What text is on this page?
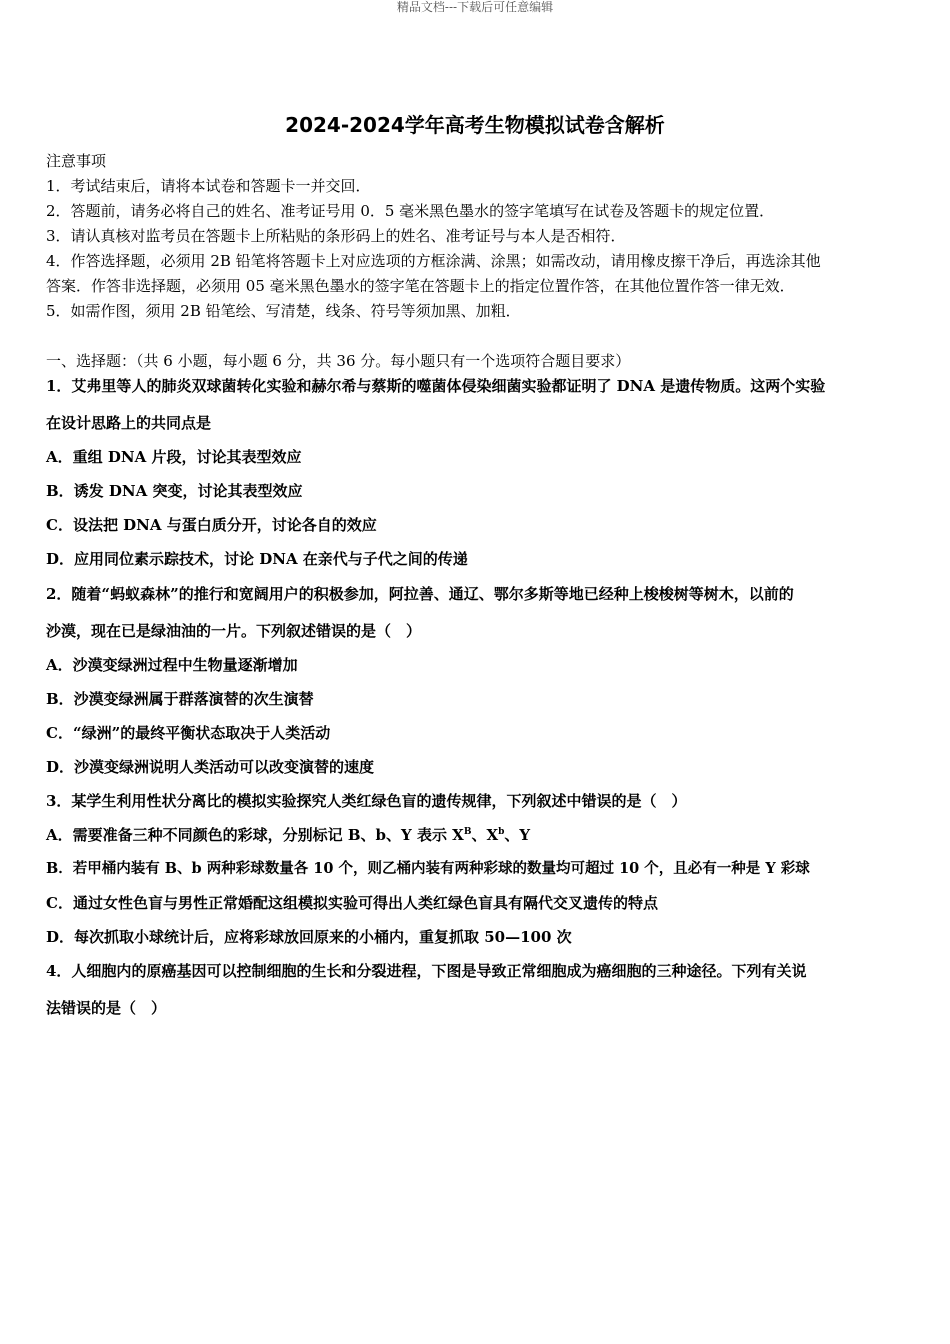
精品文档---下载后可任意编辑
2024-2024学年高考生物模拟试卷含解析
注意事项
1．考试结束后，请将本试卷和答题卡一并交回．
2．答题前，请务必将自己的姓名、准考证号用 0．5 毫米黑色墨水的签字笔填写在试卷及答题卡的规定位置．
3．请认真核对监考员在答题卡上所粘贴的条形码上的姓名、准考证号与本人是否相符．
4．作答选择题，必须用 2B 铅笔将答题卡上对应选项的方框涂满、涂黑；如需改动，请用橡皮擦干净后，再选涂其他
答案．作答非选择题，必须用 05 毫米黑色墨水的签字笔在答题卡上的指定位置作答，在其他位置作答一律无效．
5．如需作图，须用 2B 铅笔绘、写清楚，线条、符号等须加黑、加粗．
一、选择题：（共 6 小题，每小题 6 分，共 36 分。每小题只有一个选项符合题目要求）
1．艾弗里等人的肺炎双球菌转化实验和赫尔希与蔡斯的噬菌体侵染细菌实验都证明了 DNA 是遗传物质。这两个实验
在设计思路上的共同点是
A．重组 DNA 片段，讨论其表型效应
B．诱发 DNA 突变，讨论其表型效应
C．设法把 DNA 与蛋白质分开，讨论各自的效应
D．应用同位素示踪技术，讨论 DNA 在亲代与子代之间的传递
2．随着“蚂蚁森林”的推行和宽阔用户的积极参加，阿拉善、通辽、鄂尔多斯等地已经种上梭梭树等树木，以前的
沙漠，现在已是绿油油的一片。下列叙述错误的是（　）
A．沙漠变绿洲过程中生物量逐渐增加
B．沙漠变绿洲属于群落演替的次生演替
C．“绿洲”的最终平衡状态取决于人类活动
D．沙漠变绿洲说明人类活动可以改变演替的速度
3．某学生利用性状分离比的模拟实验探究人类红绿色盲的遗传规律，下列叙述中错误的是（　）
A．需要准备三种不同颜色的彩球，分别标记 B、b、Y 表示 $X^B$、$X^b$、Y
B．若甲桶内装有 B、b 两种彩球数量各 10 个，则乙桶内装有两种彩球的数量均可超过 10 个，且必有一种是 Y 彩球
C．通过女性色盲与男性正常婚配这组模拟实验可得出人类红绿色盲具有隔代交叉遗传的特点
D．每次抓取小球统计后，应将彩球放回原来的小桶内，重复抓取 50—100 次
4．人细胞内的原癌基因可以控制细胞的生长和分裂进程，下图是导致正常细胞成为癌细胞的三种途径。下列有关说
法错误的是（　）
